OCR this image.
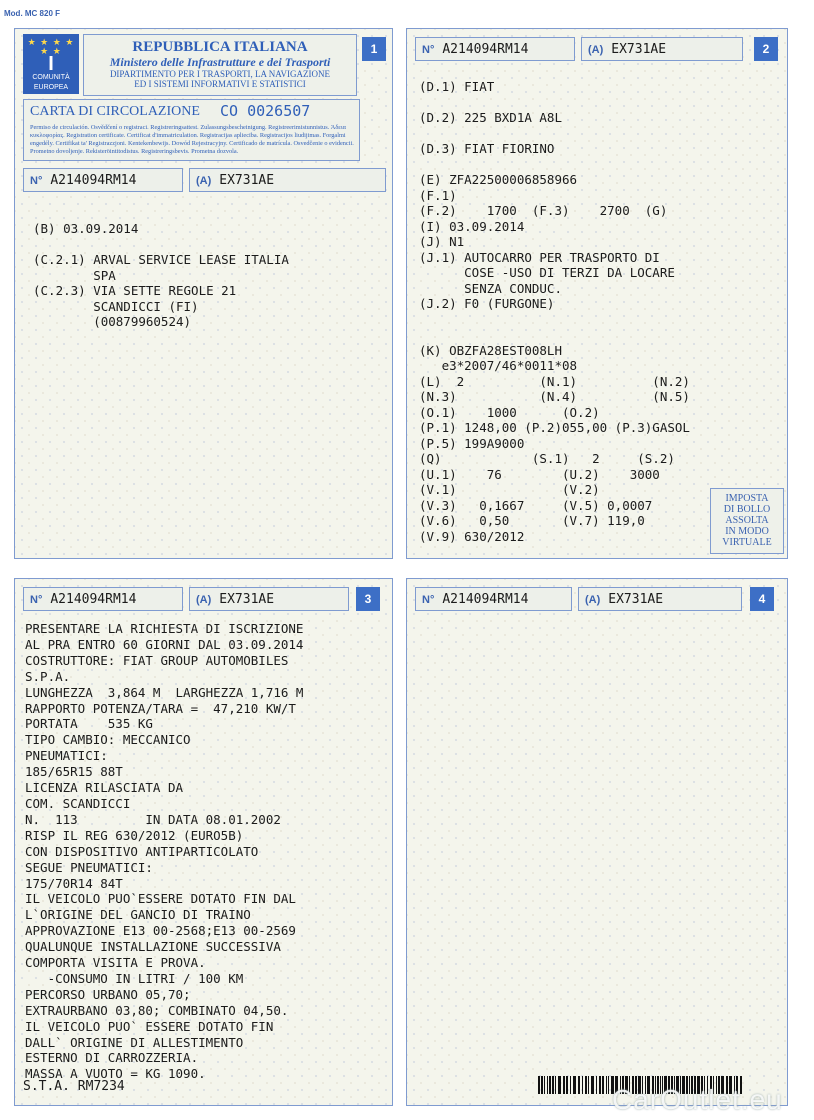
Mod. MC 820 F
★ ★ ★ ★ ★ ★
I
COMUNITÀ
EUROPEA
REPUBBLICA ITALIANA
Ministero delle Infrastrutture e dei Trasporti
DIPARTIMENTO PER I TRASPORTI, LA NAVIGAZIONE
ED I SISTEMI INFORMATIVI E STATISTICI
1
CARTA DI CIRCOLAZIONE CO 0026507
Permiso de circulación. Osvědčení o registraci. Registreringsattest. Zulassungsbescheinigung. Registreerimistunnistus. Άδεια κυκλοφορίας. Registration certificate. Certificat d'immatriculation. Registracijas apliecība. Registracijos liudijimas. Forgalmi engedély. Certifikat ta' Registrazzjoni. Kentekenbewijs. Dowód Rejestracyjny. Certificado de matrícula. Osvedčenie o evidencii. Prometno dovoljenje. Rekisteröintitodistus. Registreringsbevis. Prometna dozvola.
N° A214094RM14	(A) EX731AE
(B) 03.09.2014

(C.2.1) ARVAL SERVICE LEASE ITALIA
SPA
(C.2.3) VIA SETTE REGOLE 21
SCANDICCI (FI)
(00879960524)
N° A214094RM14	(A) EX731AE	2
(D.1) FIAT

(D.2) 225 BXD1A A8L

(D.3) FIAT FIORINO

(E) ZFA22500006858966
(F.1)
(F.2)    1700  (F.3)    2700  (G)
(I) 03.09.2014
(J) N1
(J.1) AUTOCARRO PER TRASPORTO DI
COSE -USO DI TERZI DA LOCARE
SENZA CONDUC.
(J.2) F0 (FURGONE)

(K) OBZFA28EST008LH
e3*2007/46*0011*08
(L)  2          (N.1)          (N.2)
(N.3)           (N.4)          (N.5)
(O.1)    1000      (O.2)
(P.1) 1248,00 (P.2)055,00 (P.3)GASOL
(P.5) 199A9000
(Q)            (S.1)   2     (S.2)
(U.1)    76        (U.2)    3000
(V.1)              (V.2)
(V.3)   0,1667     (V.5) 0,0007
(V.6)   0,50       (V.7) 119,0
(V.9) 630/2012
IMPOSTA
DI BOLLO
ASSOLTA
IN MODO
VIRTUALE
N° A214094RM14	(A) EX731AE	3
PRESENTARE LA RICHIESTA DI ISCRIZIONE
AL PRA ENTRO 60 GIORNI DAL 03.09.2014
COSTRUTTORE: FIAT GROUP AUTOMOBILES
S.P.A.
LUNGHEZZA  3,864 M  LARGHEZZA 1,716 M
RAPPORTO POTENZA/TARA =  47,210 KW/T
PORTATA    535 KG
TIPO CAMBIO: MECCANICO
PNEUMATICI:
185/65R15 88T
LICENZA RILASCIATA DA
COM. SCANDICCI
N.  113         IN DATA 08.01.2002
RISP IL REG 630/2012 (EURO5B)
CON DISPOSITIVO ANTIPARTICOLATO
SEGUE PNEUMATICI:
175/70R14 84T
IL VEICOLO PUO`ESSERE DOTATO FIN DAL
L`ORIGINE DEL GANCIO DI TRAINO
APPROVAZIONE E13 00-2568;E13 00-2569
QUALUNQUE INSTALLAZIONE SUCCESSIVA
COMPORTA VISITA E PROVA.
-CONSUMO IN LITRI / 100 KM
PERCORSO URBANO 05,70;
EXTRAURBANO 03,80; COMBINATO 04,50.
IL VEICOLO PUO` ESSERE DOTATO FIN
DALL` ORIGINE DI ALLESTIMENTO
ESTERNO DI CARROZZERIA.
MASSA A VUOTO = KG 1090.
S.T.A. RM7234
N° A214094RM14	(A) EX731AE	4
CarOutlet.eu
